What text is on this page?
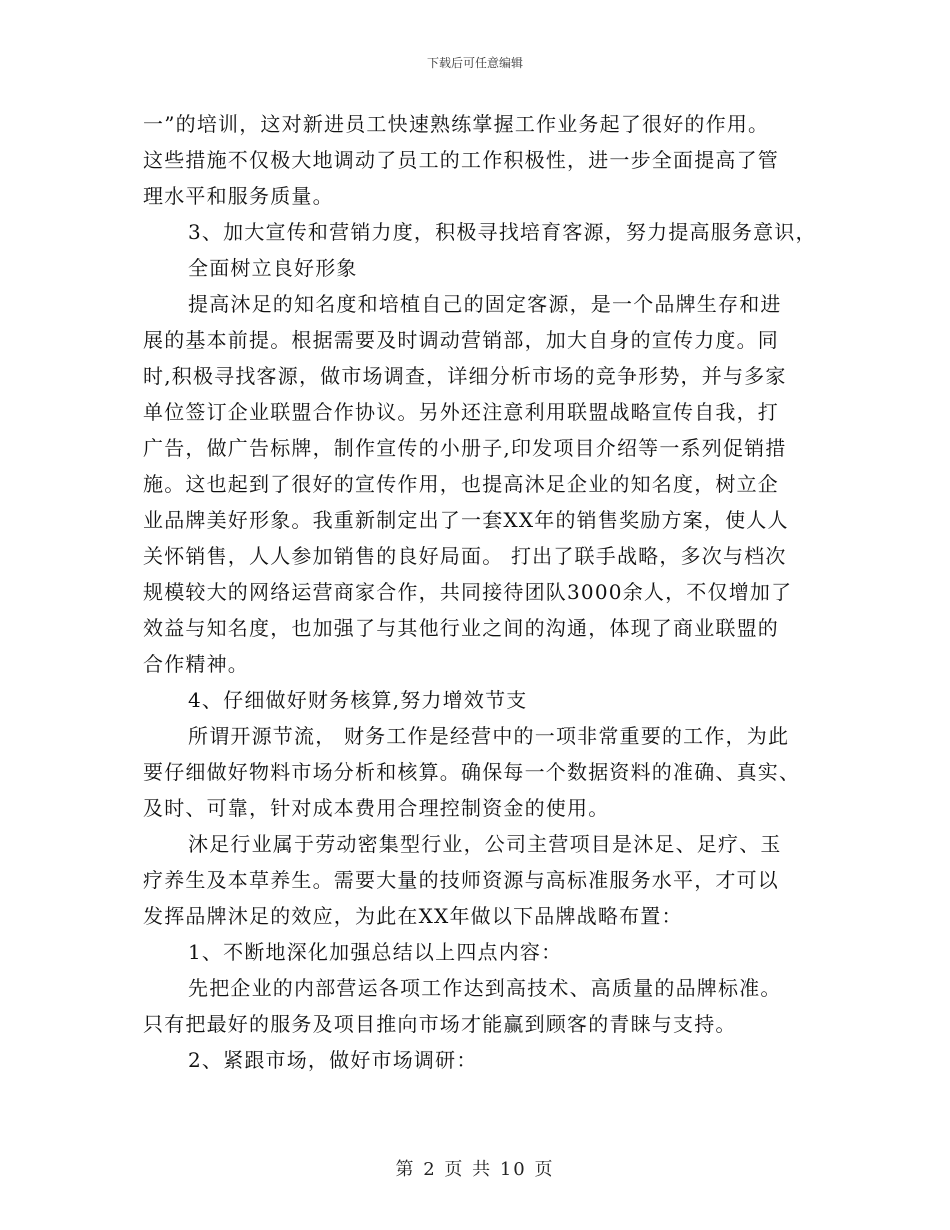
下载后可任意编辑
一”的培训，这对新进员工快速熟练掌握工作业务起了很好的作用。
这些措施不仅极大地调动了员工的工作积极性，进一步全面提高了管
理水平和服务质量。
3、加大宣传和营销力度，积极寻找培育客源，努力提高服务意识，
全面树立良好形象
提高沐足的知名度和培植自己的固定客源，是一个品牌生存和进
展的基本前提。根据需要及时调动营销部，加大自身的宣传力度。同
时,积极寻找客源，做市场调查，详细分析市场的竞争形势，并与多家
单位签订企业联盟合作协议。另外还注意利用联盟战略宣传自我，打
广告，做广告标牌，制作宣传的小册子,印发项目介绍等一系列促销措
施。这也起到了很好的宣传作用，也提高沐足企业的知名度，树立企
业品牌美好形象。我重新制定出了一套XX年的销售奖励方案，使人人
关怀销售，人人参加销售的良好局面。 打出了联手战略，多次与档次
规模较大的网络运营商家合作，共同接待团队3000余人，不仅增加了
效益与知名度，也加强了与其他行业之间的沟通，体现了商业联盟的
合作精神。
4、仔细做好财务核算,努力增效节支
所谓开源节流， 财务工作是经营中的一项非常重要的工作，为此
要仔细做好物料市场分析和核算。确保每一个数据资料的准确、真实、
及时、可靠，针对成本费用合理控制资金的使用。
沐足行业属于劳动密集型行业，公司主营项目是沐足、足疗、玉
疗养生及本草养生。需要大量的技师资源与高标准服务水平，才可以
发挥品牌沐足的效应，为此在XX年做以下品牌战略布置：
1、不断地深化加强总结以上四点内容：
先把企业的内部营运各项工作达到高技术、高质量的品牌标准。
只有把最好的服务及项目推向市场才能赢到顾客的青睐与支持。
2、紧跟市场，做好市场调研：
第 2 页 共 10 页
